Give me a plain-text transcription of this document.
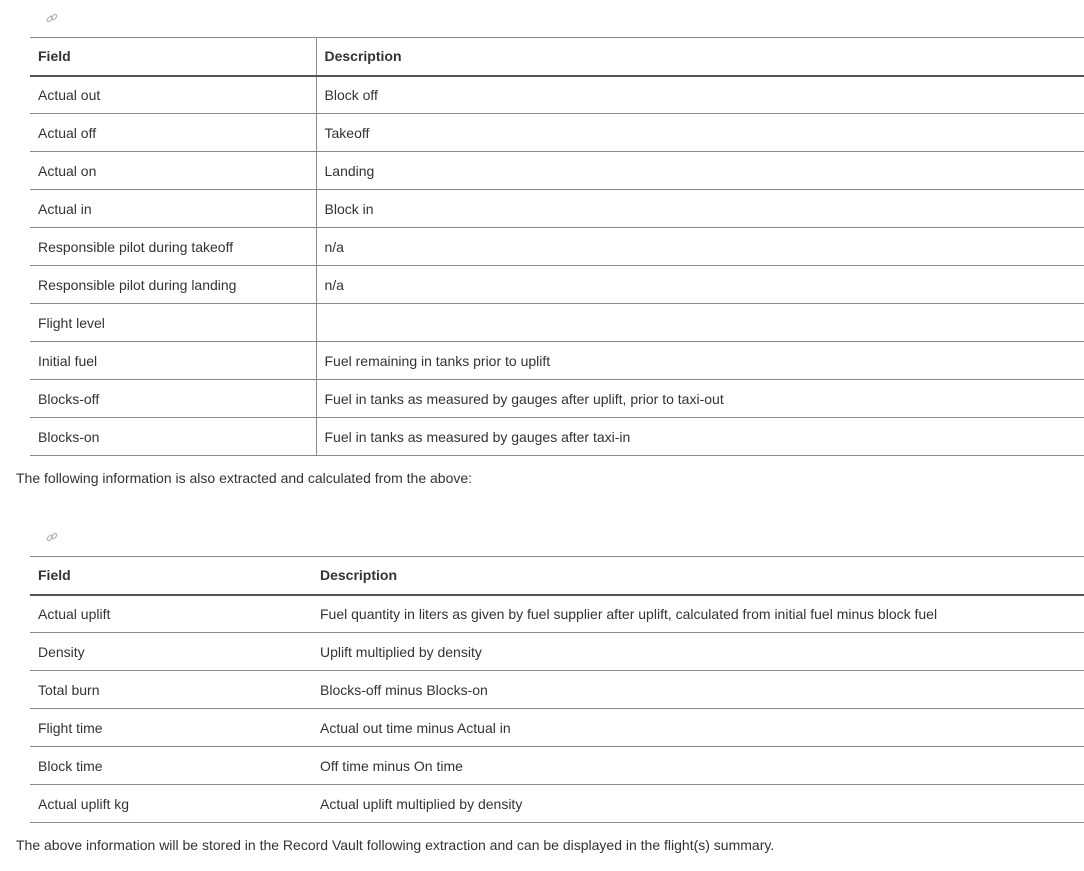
Field	Description
Actual out	Block off
Actual off	Takeoff
Actual on	Landing
Actual in	Block in
Responsible pilot during takeoff	n/a
Responsible pilot during landing	n/a
Flight level	
Initial fuel	Fuel remaining in tanks prior to uplift
Blocks-off	Fuel in tanks as measured by gauges after uplift, prior to taxi-out
Blocks-on	Fuel in tanks as measured by gauges after taxi-in

The following information is also extracted and calculated from the above:

Field	Description
Actual uplift	Fuel quantity in liters as given by fuel supplier after uplift, calculated from initial fuel minus block fuel
Density	Uplift multiplied by density
Total burn	Blocks-off minus Blocks-on
Flight time	Actual out time minus Actual in
Block time	Off time minus On time
Actual uplift kg	Actual uplift multiplied by density

The above information will be stored in the Record Vault following extraction and can be displayed in the flight(s) summary.
